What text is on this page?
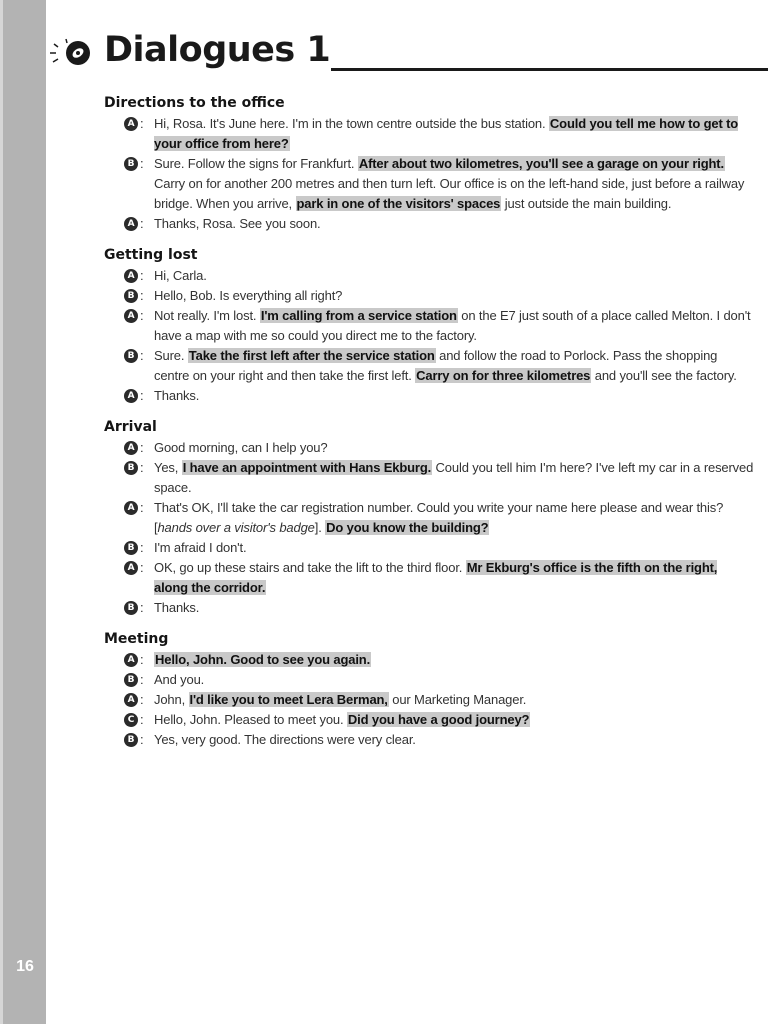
16
Dialogues 1
Directions to the office
A : Hi, Rosa. It's June here. I'm in the town centre outside the bus station. Could you tell me how to get to your office from here?
B : Sure. Follow the signs for Frankfurt. After about two kilometres, you'll see a garage on your right. Carry on for another 200 metres and then turn left. Our office is on the left-hand side, just before a railway bridge. When you arrive, park in one of the visitors' spaces just outside the main building.
A : Thanks, Rosa. See you soon.
Getting lost
A : Hi, Carla.
B : Hello, Bob. Is everything all right?
A : Not really. I'm lost. I'm calling from a service station on the E7 just south of a place called Melton. I don't have a map with me so could you direct me to the factory.
B : Sure. Take the first left after the service station and follow the road to Porlock. Pass the shopping centre on your right and then take the first left. Carry on for three kilometres and you'll see the factory.
A : Thanks.
Arrival
A : Good morning, can I help you?
B : Yes, I have an appointment with Hans Ekburg. Could you tell him I'm here? I've left my car in a reserved space.
A : That's OK, I'll take the car registration number. Could you write your name here please and wear this? [hands over a visitor's badge]. Do you know the building?
B : I'm afraid I don't.
A : OK, go up these stairs and take the lift to the third floor. Mr Ekburg's office is the fifth on the right, along the corridor.
B : Thanks.
Meeting
A : Hello, John. Good to see you again.
B : And you.
A : John, I'd like you to meet Lera Berman, our Marketing Manager.
C : Hello, John. Pleased to meet you. Did you have a good journey?
B : Yes, very good. The directions were very clear.
